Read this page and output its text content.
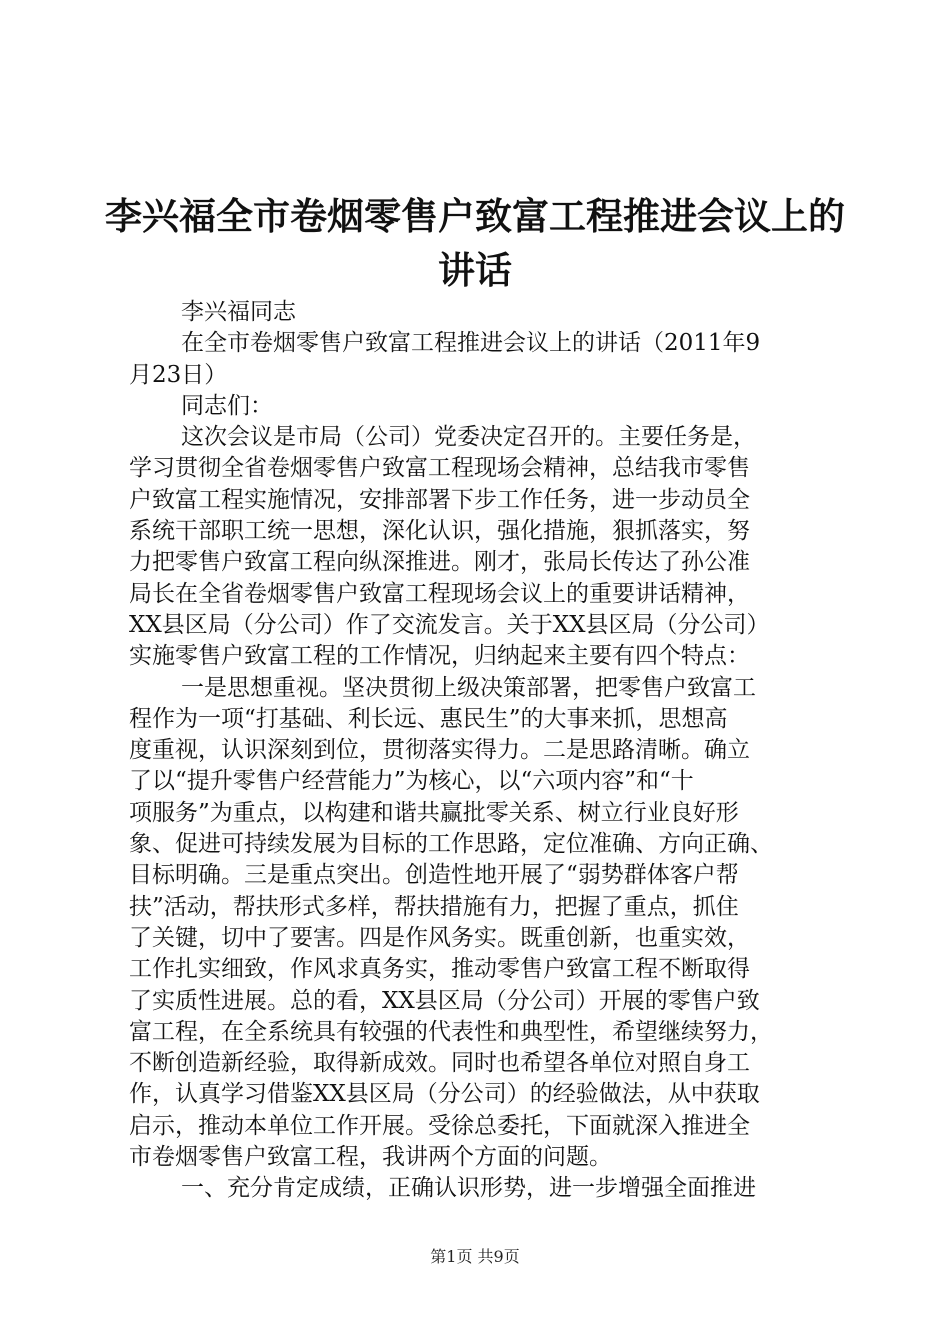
李兴福全市卷烟零售户致富工程推进会议上的
讲话
李兴福同志
在全市卷烟零售户致富工程推进会议上的讲话（2011年9
月23日）
同志们：
这次会议是市局（公司）党委决定召开的。主要任务是，
学习贯彻全省卷烟零售户致富工程现场会精神，总结我市零售
户致富工程实施情况，安排部署下步工作任务，进一步动员全
系统干部职工统一思想，深化认识，强化措施，狠抓落实，努
力把零售户致富工程向纵深推进。刚才，张局长传达了孙公准
局长在全省卷烟零售户致富工程现场会议上的重要讲话精神，
XX县区局（分公司）作了交流发言。关于XX县区局（分公司）
实施零售户致富工程的工作情况，归纳起来主要有四个特点：
一是思想重视。坚决贯彻上级决策部署，把零售户致富工
程作为一项“打基础、利长远、惠民生”的大事来抓，思想高
度重视，认识深刻到位，贯彻落实得力。二是思路清晰。确立
了以“提升零售户经营能力”为核心，以“六项内容”和“十
项服务”为重点，以构建和谐共赢批零关系、树立行业良好形
象、促进可持续发展为目标的工作思路，定位准确、方向正确、
目标明确。三是重点突出。创造性地开展了“弱势群体客户帮
扶”活动，帮扶形式多样，帮扶措施有力，把握了重点，抓住
了关键，切中了要害。四是作风务实。既重创新，也重实效，
工作扎实细致，作风求真务实，推动零售户致富工程不断取得
了实质性进展。总的看，XX县区局（分公司）开展的零售户致
富工程，在全系统具有较强的代表性和典型性，希望继续努力，
不断创造新经验，取得新成效。同时也希望各单位对照自身工
作，认真学习借鉴XX县区局（分公司）的经验做法，从中获取
启示，推动本单位工作开展。受徐总委托，下面就深入推进全
市卷烟零售户致富工程，我讲两个方面的问题。
一、充分肯定成绩，正确认识形势，进一步增强全面推进
第1页 共9页
